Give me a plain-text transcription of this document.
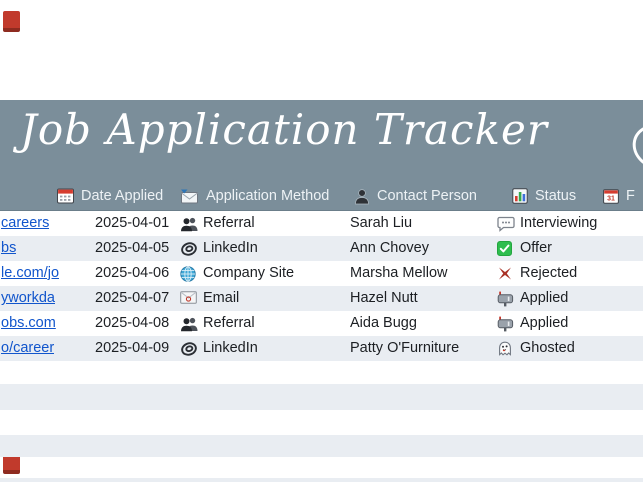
Job Application Tracker
Date Applied	Application Method	Contact Person	Status	31 F
careers	2025-04-01 Referral	Sarah Liu	Interviewing
bs	2025-04-05 LinkedIn	Ann Chovey	Offer
le.com/jo 2025-04-06 Company Site	Marsha Mellow	Rejected
yworkda	2025-04-07 Email	Hazel Nutt	Applied
obs.com	2025-04-08 Referral	Aida Bugg	Applied
o/career	2025-04-09 LinkedIn	Patty O'Furniture	Ghosted
